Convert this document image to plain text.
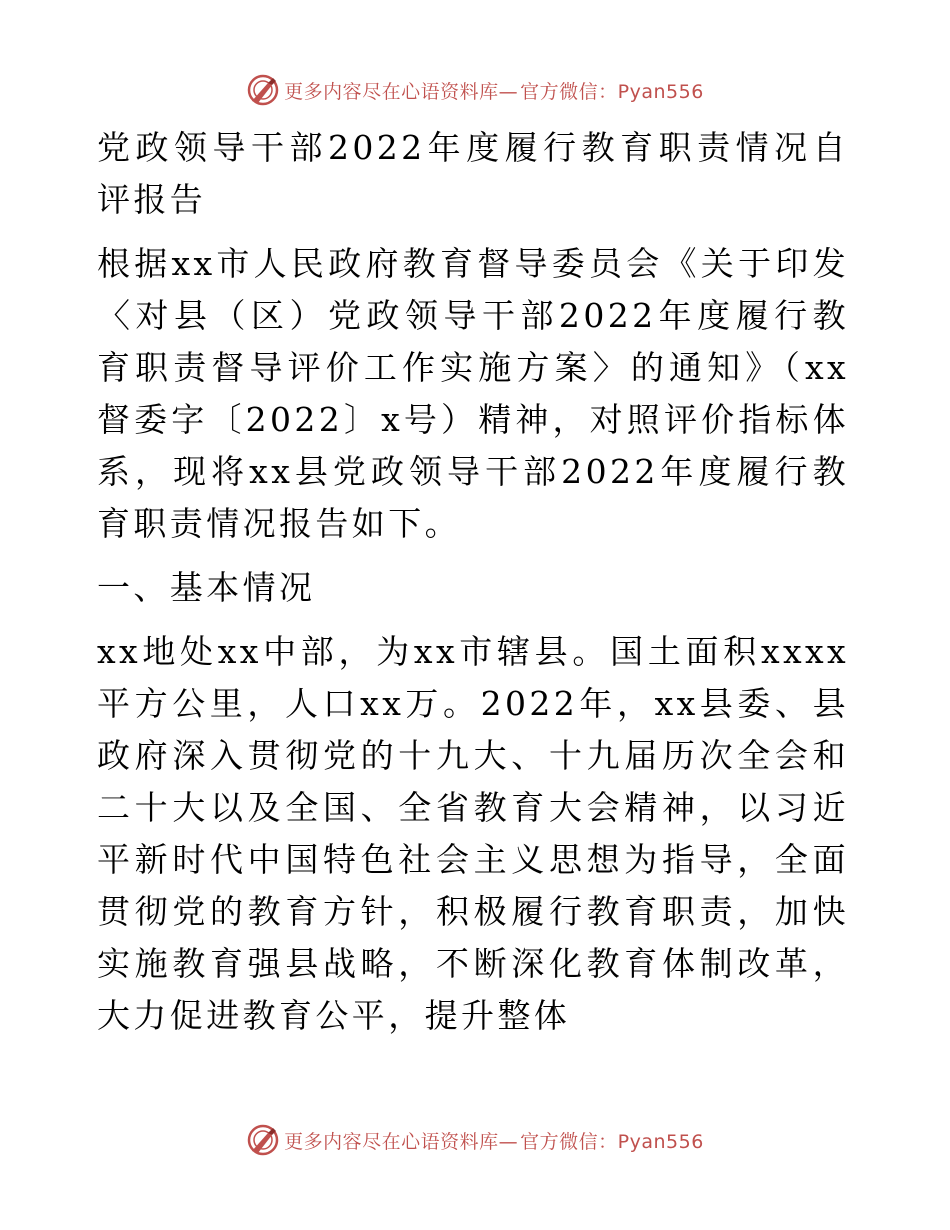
更多内容尽在心语资料库— 官方微信：Pyan556

党政领导干部2022年度履行教育职责情况自评报告

根据xx市人民政府教育督导委员会《关于印发〈对县（区）党政领导干部2022年度履行教育职责督导评价工作实施方案〉的通知》（xx督委字〔2022〕x号）精神，对照评价指标体系，现将xx县党政领导干部2022年度履行教育职责情况报告如下。

一、基本情况

xx地处xx中部，为xx市辖县。国土面积xxxx平方公里，人口xx万。2022年，xx县委、县政府深入贯彻党的十九大、十九届历次全会和二十大以及全国、全省教育大会精神，以习近平新时代中国特色社会主义思想为指导，全面贯彻党的教育方针，积极履行教育职责，加快实施教育强县战略，不断深化教育体制改革，大力促进教育公平，提升整体

更多内容尽在心语资料库— 官方微信：Pyan556
